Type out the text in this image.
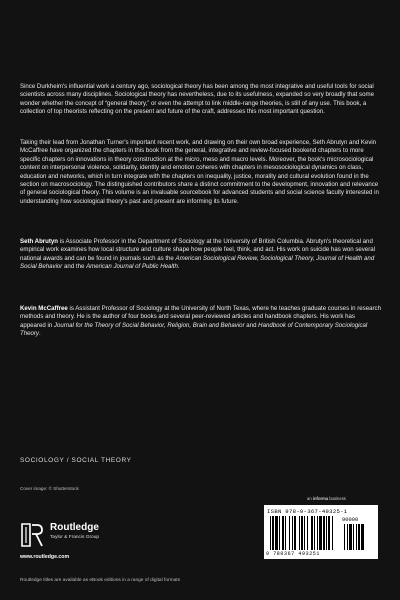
Since Durkheim's influential work a century ago, sociological theory has been among the most integrative and useful tools for social scientists across many disciplines. Sociological theory has nevertheless, due to its usefulness, expanded so very broadly that some wonder whether the concept of “general theory,” or even the attempt to link middle-range theories, is still of any use. This book, a collection of top theorists reflecting on the present and future of the craft, addresses this most important question.

Taking their lead from Jonathan Turner's important recent work, and drawing on their own broad experience, Seth Abrutyn and Kevin McCaffree have organized the chapters in this book from the general, integrative and review-focused bookend chapters to more specific chapters on innovations in theory construction at the micro, meso and macro levels. Moreover, the book's microsociological content on interpersonal violence, solidarity, identity and emotion coheres with chapters in mesosociological dynamics on class, education and networks, which in turn integrate with the chapters on inequality, justice, morality and cultural evolution found in the section on macrosociology. The distinguished contributors share a distinct commitment to the development, innovation and relevance of general sociological theory. This volume is an invaluable sourcebook for advanced students and social science faculty interested in understanding how sociological theory's past and present are informing its future.

Seth Abrutyn is Associate Professor in the Department of Sociology at the University of British Columbia. Abrutyn's theoretical and empirical work examines how local structure and culture shape how people feel, think, and act. His work on suicide has won several national awards and can be found in journals such as the American Sociological Review, Sociological Theory, Journal of Health and Social Behavior and the American Journal of Public Health.

Kevin McCaffree is Assistant Professor of Sociology at the University of North Texas, where he teaches graduate courses in research methods and theory. He is the author of four books and several peer-reviewed articles and handbook chapters. His work has appeared in Journal for the Theory of Social Behavior, Religion, Brain and Behavior and Handbook of Contemporary Sociological Theory.

SOCIOLOGY / SOCIAL THEORY
Cover image: © Shutterstock
Routledge
Taylor & Francis Group
www.routledge.com
an informa business
ISBN 978-0-367-49325-1
90000
9 780367 493251
Routledge titles are available as eBook editions in a range of digital formats
